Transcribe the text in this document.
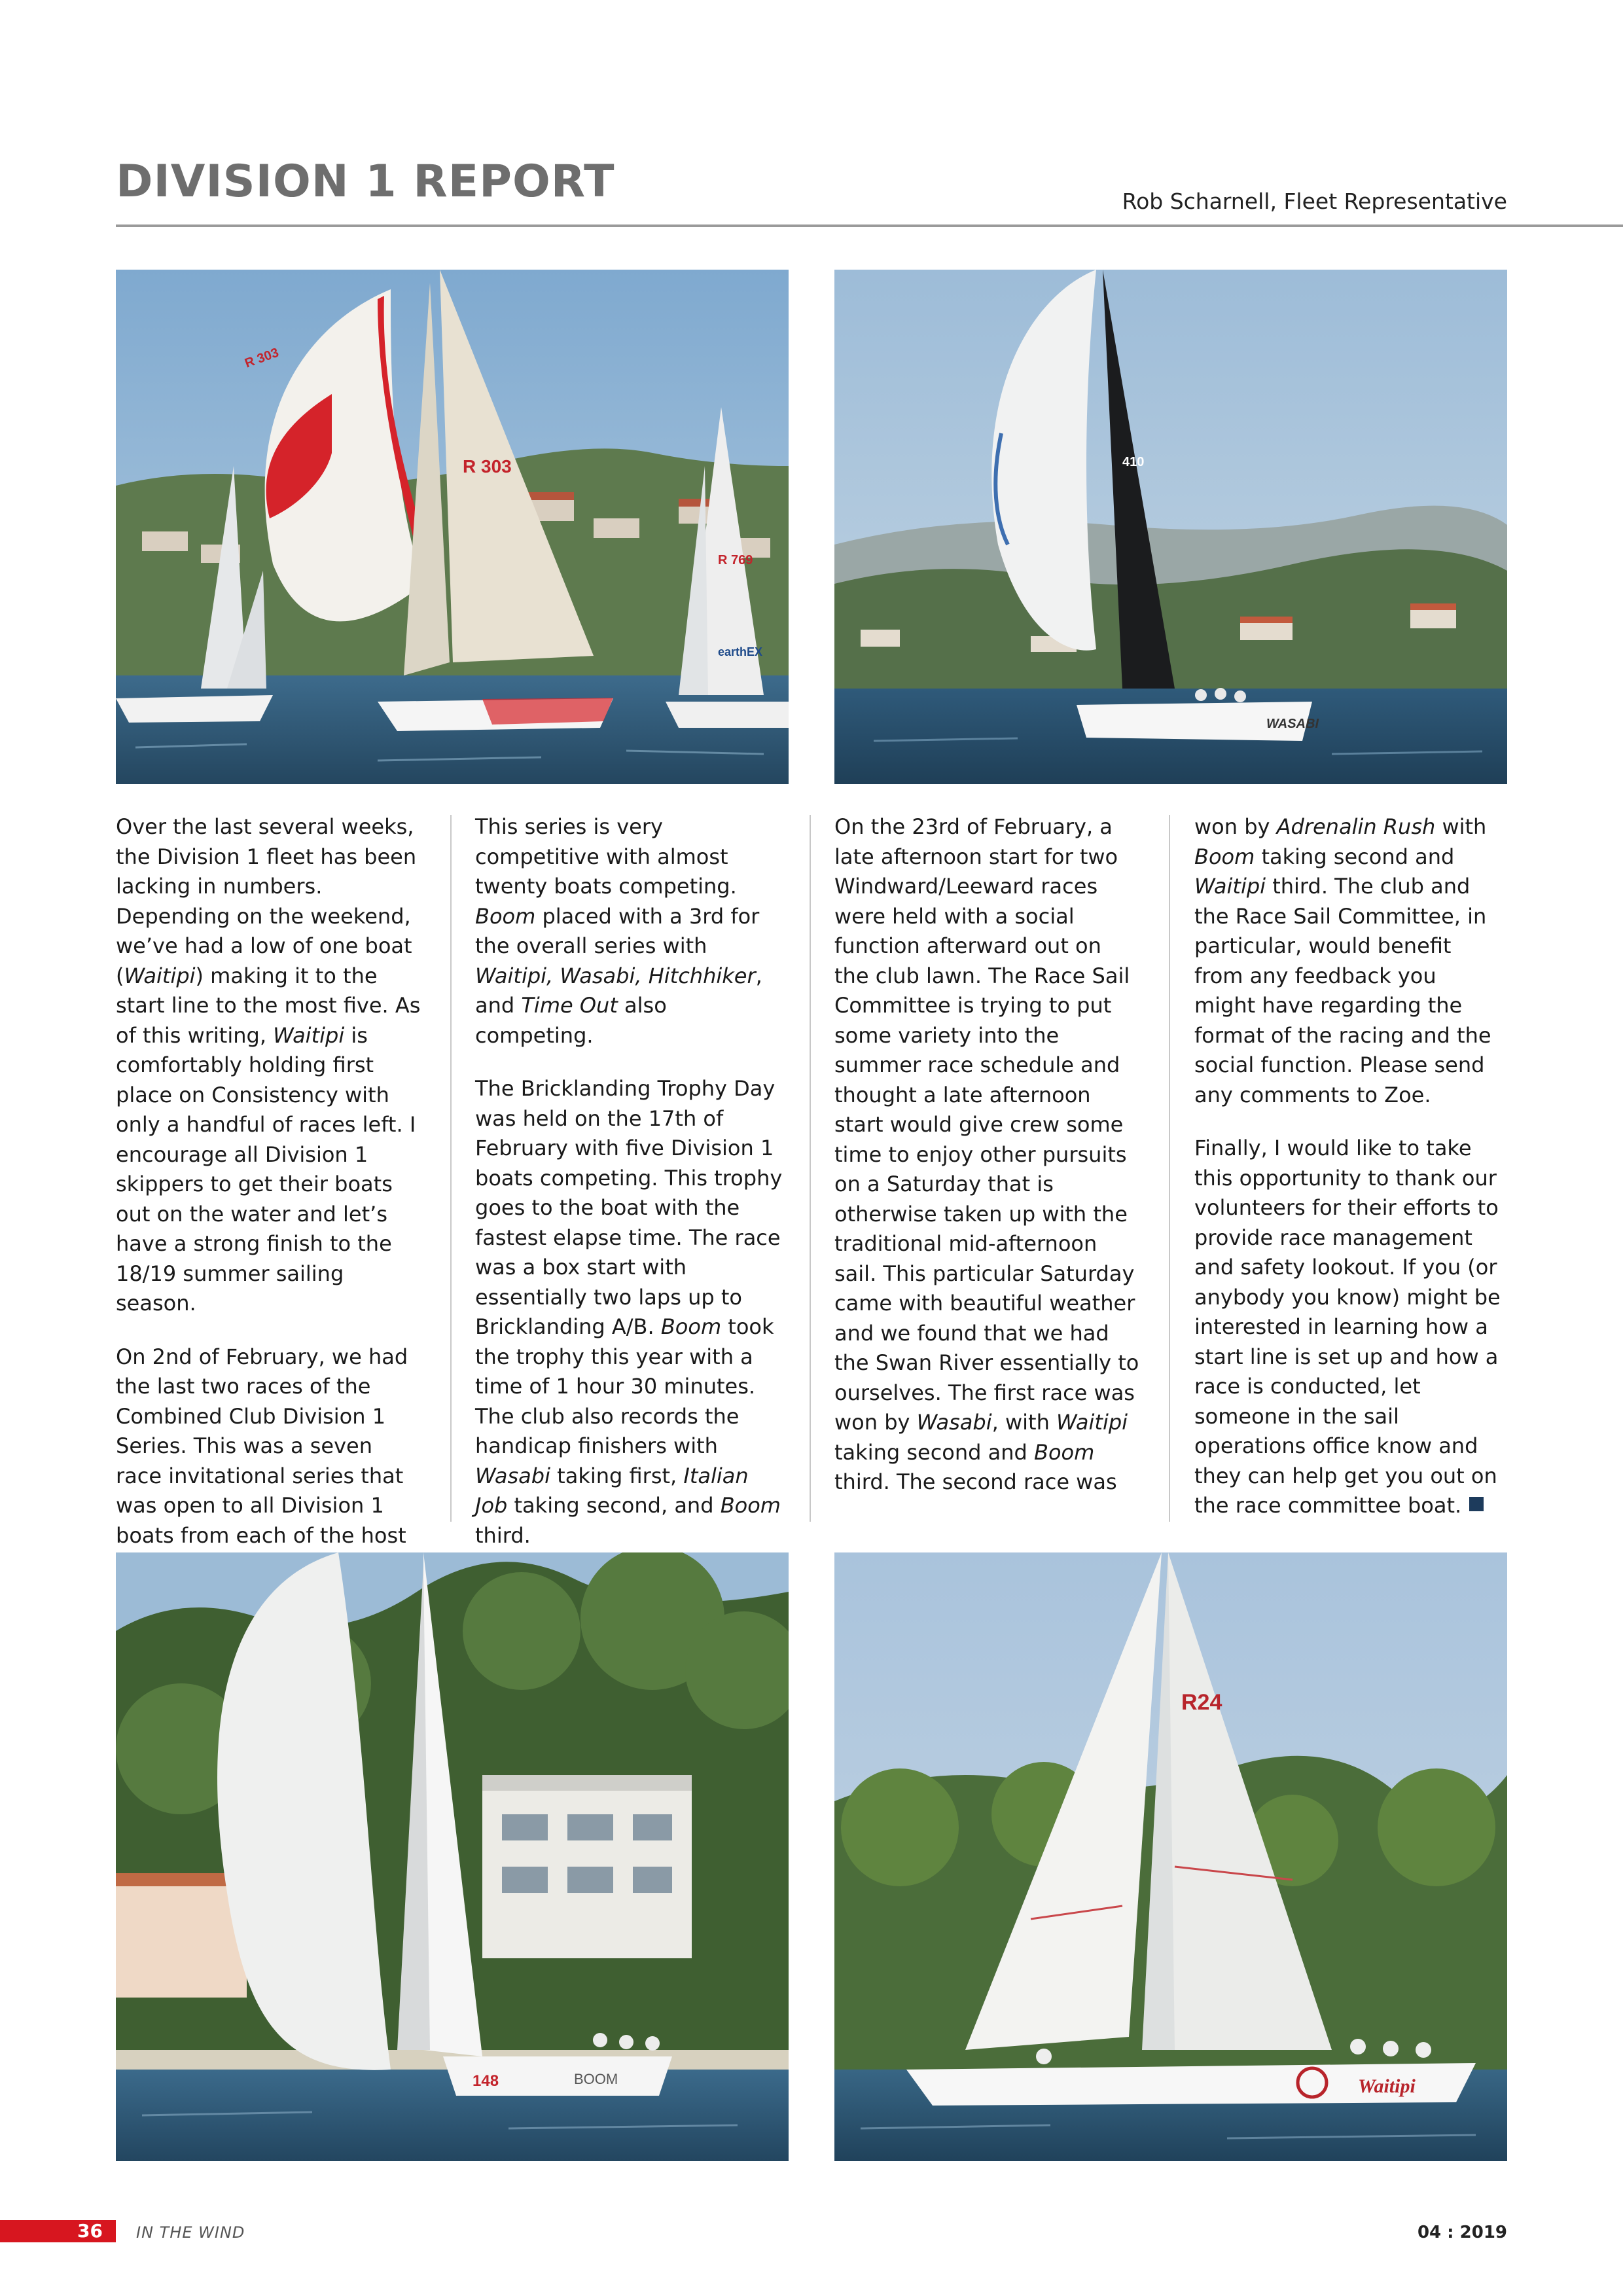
DIVISION 1 REPORT	Rob Scharnell, Fleet Representative
R 303
R 303
R 769
earthEX
410
WASABI

Over the last several weeks, the Division 1 fleet has been lacking in numbers. Depending on the weekend, we’ve had a low of one boat (Waitipi) making it to the start line to the most five. As of this writing, Waitipi is comfortably holding first place on Consistency with only a handful of races left. I encourage all Division 1 skippers to get their boats out on the water and let’s have a strong finish to the 18/19 summer sailing season.

On 2nd of February, we had the last two races of the Combined Club Division 1 Series. This was a seven race invitational series that was open to all Division 1 boats from each of the host

This series is very competitive with almost twenty boats competing. Boom placed with a 3rd for the overall series with Waitipi, Wasabi, Hitchhiker, and Time Out also competing.

The Bricklanding Trophy Day was held on the 17th of February with five Division 1 boats competing. This trophy goes to the boat with the fastest elapse time. The race was a box start with essentially two laps up to Bricklanding A/B. Boom took the trophy this year with a time of 1 hour 30 minutes. The club also records the handicap finishers with Wasabi taking first, Italian Job taking second, and Boom third.

On the 23rd of February, a late afternoon start for two Windward/Leeward races were held with a social function afterward out on the club lawn. The Race Sail Committee is trying to put some variety into the summer race schedule and thought a late afternoon start would give crew some time to enjoy other pursuits on a Saturday that is otherwise taken up with the traditional mid-afternoon sail. This particular Saturday came with beautiful weather and we found that we had the Swan River essentially to ourselves. The first race was won by Wasabi, with Waitipi taking second and Boom third. The second race was

won by Adrenalin Rush with Boom taking second and Waitipi third. The club and the Race Sail Committee, in particular, would benefit from any feedback you might have regarding the format of the racing and the social function. Please send any comments to Zoe.

Finally, I would like to take this opportunity to thank our volunteers for their efforts to provide race management and safety lookout. If you (or anybody you know) might be interested in learning how a start line is set up and how a race is conducted, let someone in the sail operations office know and they can help get you out on the race committee boat.

148	BOOM
R24
Waitipi
36 IN THE WIND	04 : 2019
